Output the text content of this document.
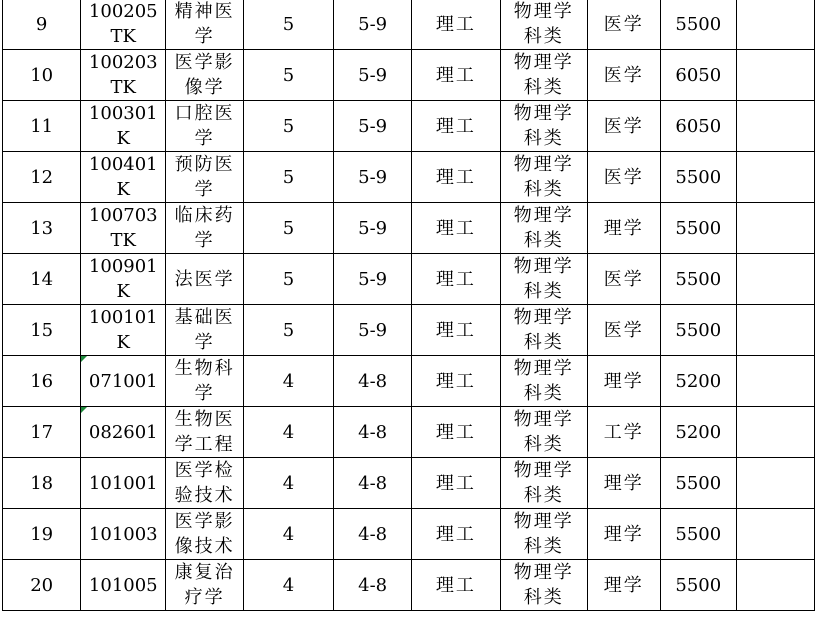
9	100205TK	精神医学	5	5-9	理工	物理学科类	医学	5500	

10	100203TK	医学影像学	5	5-9	理工	物理学科类	医学	6050	

11	100301K	口腔医学	5	5-9	理工	物理学科类	医学	6050	

12	100401K	预防医学	5	5-9	理工	物理学科类	医学	5500	

13	100703TK	临床药学	5	5-9	理工	物理学科类	理学	5500	

14	100901K	法医学	5	5-9	理工	物理学科类	医学	5500	

15	100101K	基础医学	5	5-9	理工	物理学科类	医学	5500	

16	071001	生物科学	4	4-8	理工	物理学科类	理学	5200	

17	082601	生物医学工程	4	4-8	理工	物理学科类	工学	5200	

18	101001	医学检验技术	4	4-8	理工	物理学科类	理学	5500	

19	101003	医学影像技术	4	4-8	理工	物理学科类	理学	5500	

20	101005	康复治疗学	4	4-8	理工	物理学科类	理学	5500	
